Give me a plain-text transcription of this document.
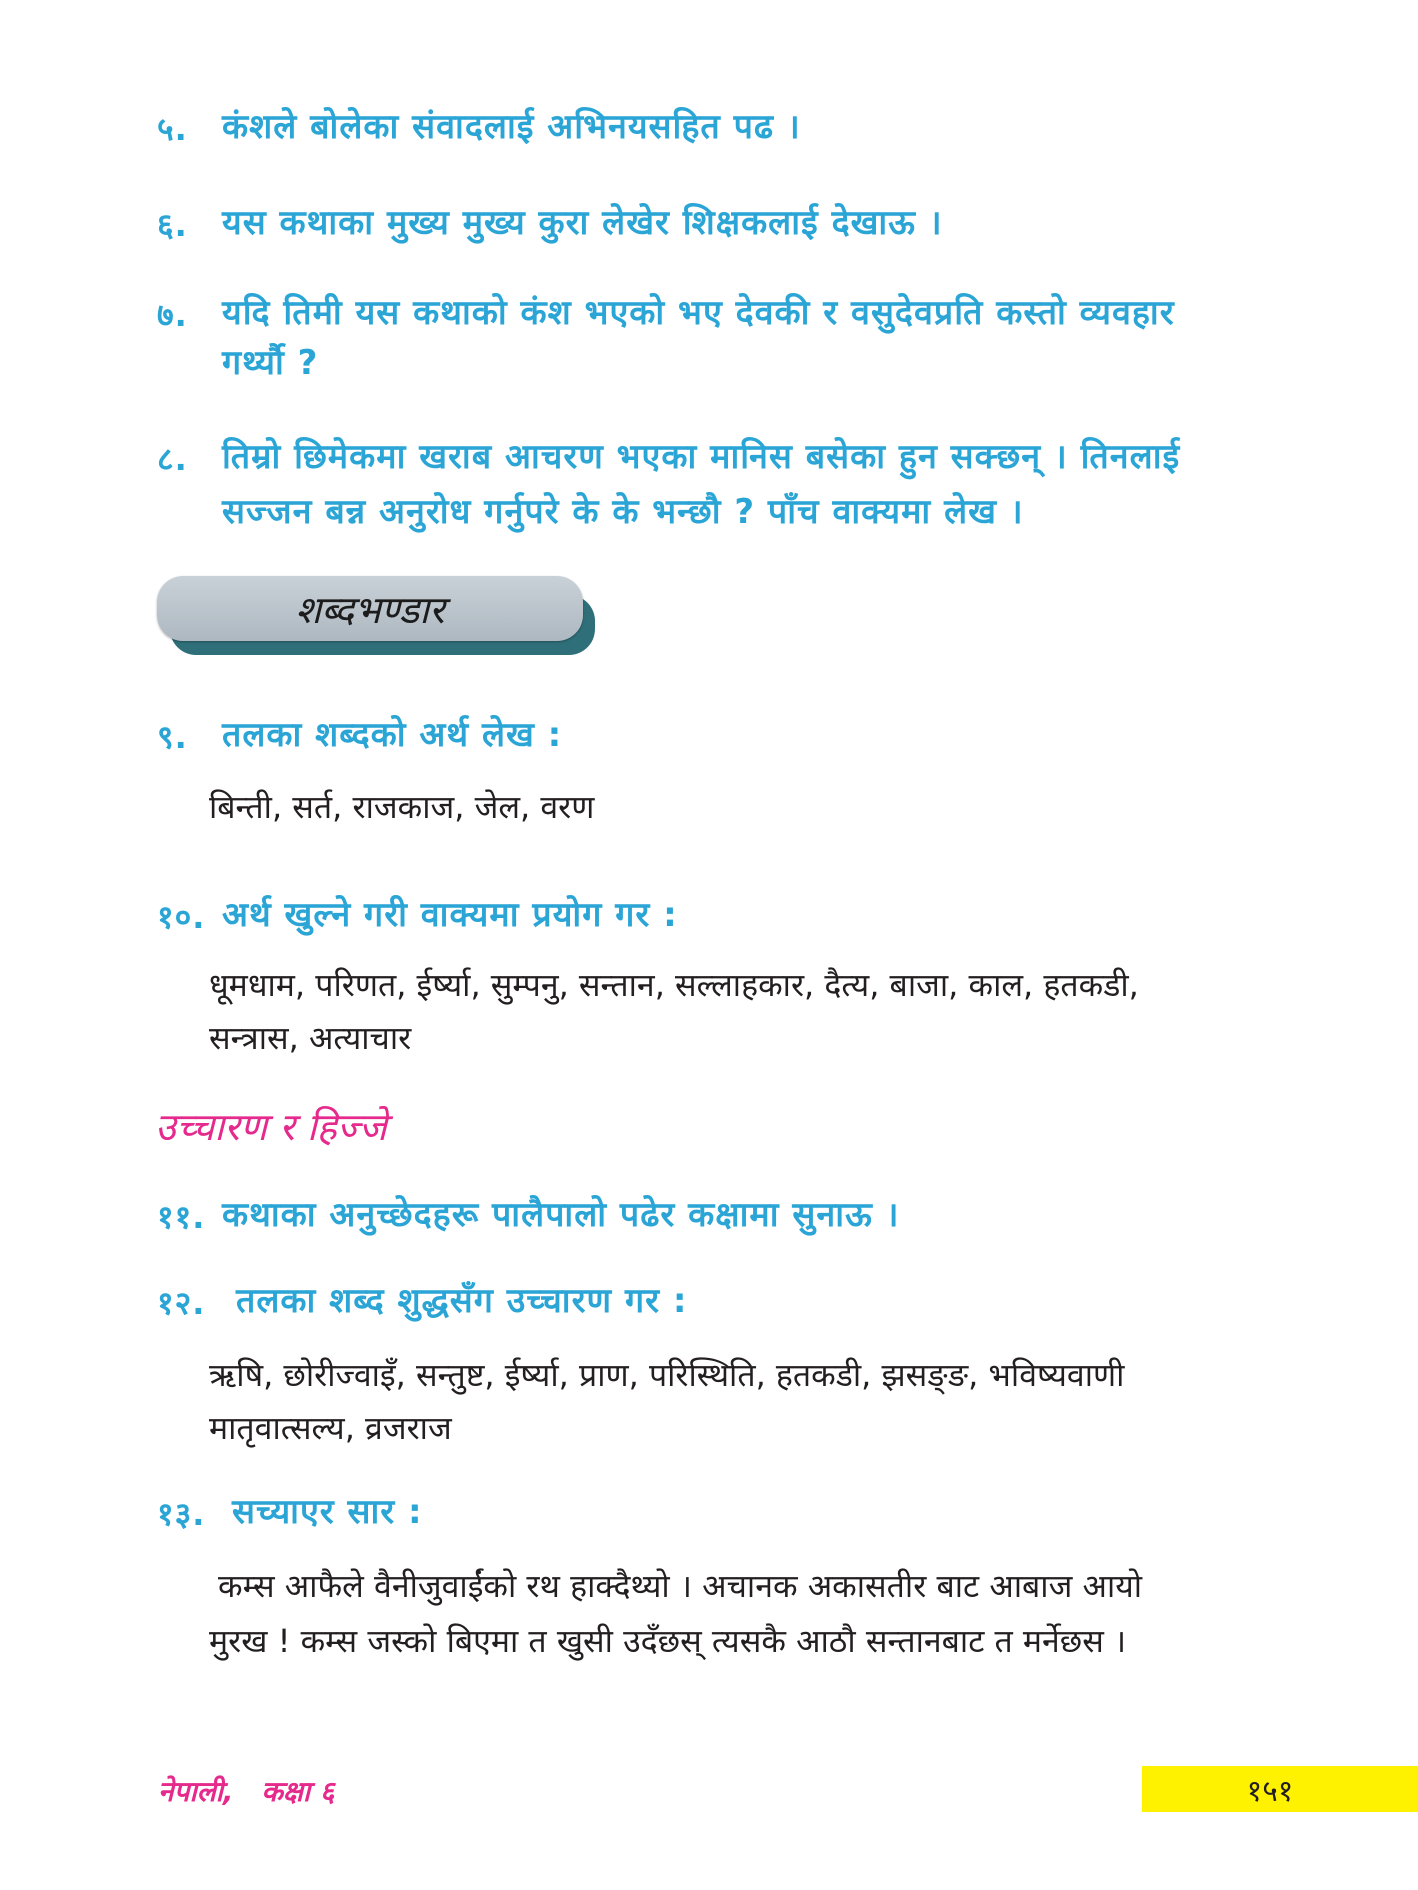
५. कंशले बोलेका संवादलाई अभिनयसहित पढ ।
६. यस कथाका मुख्य मुख्य कुरा लेखेर शिक्षकलाई देखाऊ ।
७. यदि तिमी यस कथाको कंश भएको भए देवकी र वसुदेवप्रति कस्तो व्यवहार
गर्थ्यौ ?
८. तिम्रो छिमेकमा खराब आचरण भएका मानिस बसेका हुन सक्छन् । तिनलाई
सज्जन बन्न अनुरोध गर्नुपरे के के भन्छौ ? पाँच वाक्यमा लेख ।
शब्दभण्डार
९. तलका शब्दको अर्थ लेख :
बिन्ती, सर्त, राजकाज, जेल, वरण
१०. अर्थ खुल्ने गरी वाक्यमा प्रयोग गर :
धूमधाम, परिणत, ईर्ष्या, सुम्पनु, सन्तान, सल्लाहकार, दैत्य, बाजा, काल, हतकडी,
सन्त्रास, अत्याचार
उच्चारण र हिज्जे
११. कथाका अनुच्छेदहरू पालैपालो पढेर कक्षामा सुनाऊ ।
१२. तलका शब्द शुद्धसँग उच्चारण गर :
ऋषि, छोरीज्वाइँ, सन्तुष्ट, ईर्ष्या, प्राण, परिस्थिति, हतकडी, झसङ्ङ, भविष्यवाणी
मातृवात्सल्य, व्रजराज
१३. सच्याएर सार :
कम्स आफैले वैनीजुवाईंको रथ हाक्दैथ्यो । अचानक अकासतीर बाट आबाज आयो
मुरख ! कम्स जस्को बिएमा त खुसी उदँछस् त्यसकै आठौ सन्तानबाट त मर्नेछस ।
नेपाली, कक्षा ६	१५१
